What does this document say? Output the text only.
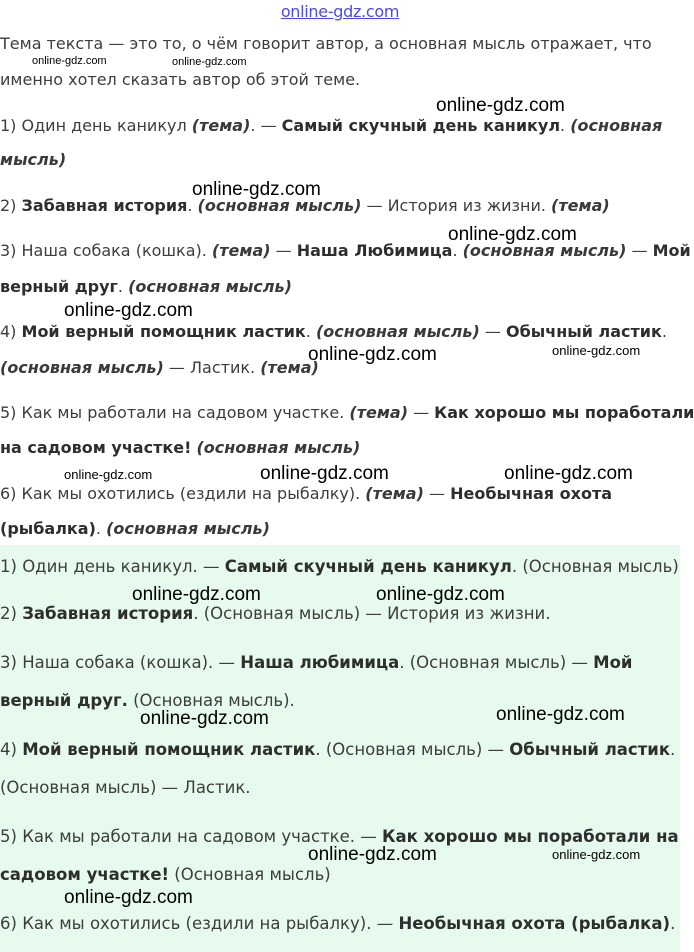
online-gdz.com
Тема текста — это то, о чём говорит автор, а основная мысль отражает, что
именно хотел сказать автор об этой теме.
1) Один день каникул (тема). — Самый скучный день каникул. (основная
мысль)
2) Забавная история. (основная мысль) — История из жизни. (тема)
3) Наша собака (кошка). (тема) — Наша Любимица. (основная мысль) — Мой
верный друг. (основная мысль)
4) Мой верный помощник ластик. (основная мысль) — Обычный ластик.
(основная мысль) — Ластик. (тема)
5) Как мы работали на садовом участке. (тема) — Как хорошо мы поработали
на садовом участке! (основная мысль)
6) Как мы охотились (ездили на рыбалку). (тема) — Необычная охота
(рыбалка). (основная мысль)
1) Один день каникул. — Самый скучный день каникул. (Основная мысль)
2) Забавная история. (Основная мысль) — История из жизни.
3) Наша собака (кошка). — Наша любимица. (Основная мысль) — Мой
верный друг. (Основная мысль).
4) Мой верный помощник ластик. (Основная мысль) — Обычный ластик.
(Основная мысль) — Ластик.
5) Как мы работали на садовом участке. — Как хорошо мы поработали на
садовом участке! (Основная мысль)
6) Как мы охотились (ездили на рыбалку). — Необычная охота (рыбалка).
online-gdz.com	online-gdz.com
online-gdz.com
online-gdz.com
online-gdz.com
online-gdz.com
online-gdz.com	online-gdz.com
online-gdz.com	online-gdz.com	online-gdz.com
online-gdz.com	online-gdz.com
online-gdz.com	online-gdz.com
online-gdz.com	online-gdz.com
online-gdz.com
